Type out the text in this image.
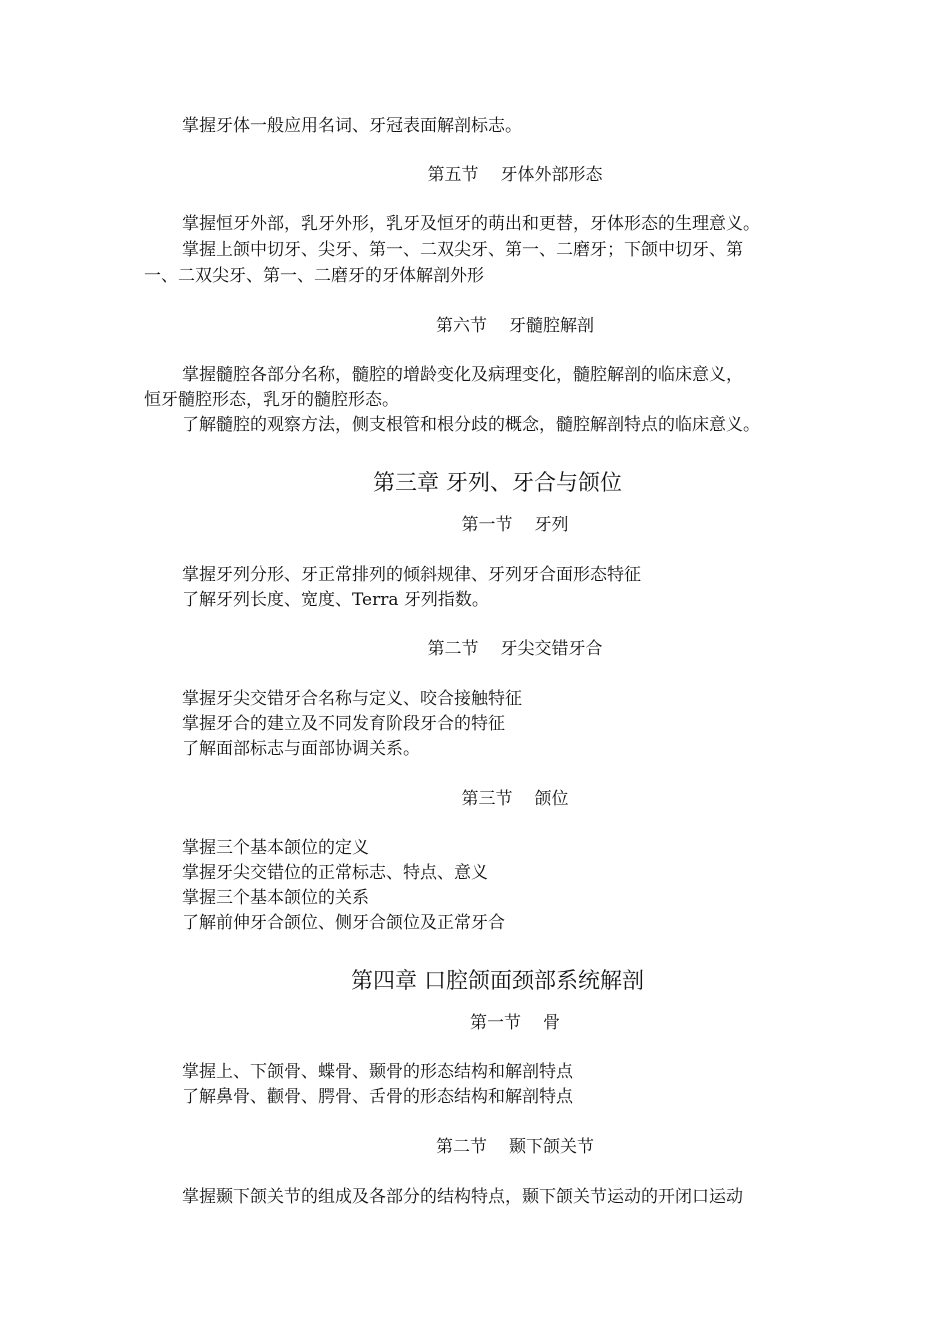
掌握牙体一般应用名词、牙冠表面解剖标志。
第五节 牙体外部形态
掌握恒牙外部，乳牙外形，乳牙及恒牙的萌出和更替，牙体形态的生理意义。
掌握上颌中切牙、尖牙、第一、二双尖牙、第一、二磨牙；下颌中切牙、第
一、二双尖牙、第一、二磨牙的牙体解剖外形
第六节 牙髓腔解剖
掌握髓腔各部分名称，髓腔的增龄变化及病理变化，髓腔解剖的临床意义，
恒牙髓腔形态，乳牙的髓腔形态。
了解髓腔的观察方法，侧支根管和根分歧的概念，髓腔解剖特点的临床意义。
第三章 牙列、牙合与颌位
第一节 牙列
掌握牙列分形、牙正常排列的倾斜规律、牙列牙合面形态特征
了解牙列长度、宽度、Terra 牙列指数。
第二节 牙尖交错牙合
掌握牙尖交错牙合名称与定义、咬合接触特征
掌握牙合的建立及不同发育阶段牙合的特征
了解面部标志与面部协调关系。
第三节 颌位
掌握三个基本颌位的定义
掌握牙尖交错位的正常标志、特点、意义
掌握三个基本颌位的关系
了解前伸牙合颌位、侧牙合颌位及正常牙合
第四章 口腔颌面颈部系统解剖
第一节 骨
掌握上、下颌骨、蝶骨、颞骨的形态结构和解剖特点
了解鼻骨、颧骨、腭骨、舌骨的形态结构和解剖特点
第二节 颞下颌关节
掌握颞下颌关节的组成及各部分的结构特点，颞下颌关节运动的开闭口运动
